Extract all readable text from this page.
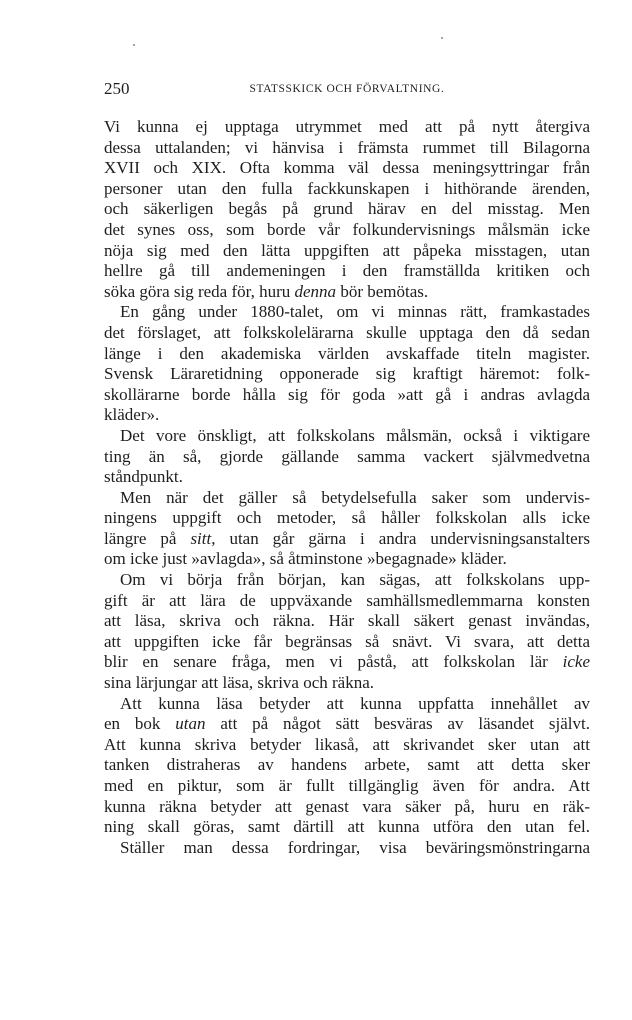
250	STATSSKICK OCH FÖRVALTNING.
Vi kunna ej upptaga utrymmet med att på nytt återgiva
dessa uttalanden; vi hänvisa i främsta rummet till Bilagorna
XVII och XIX. Ofta komma väl dessa meningsyttringar från
personer utan den fulla fackkunskapen i hithörande ärenden,
och säkerligen begås på grund härav en del misstag. Men
det synes oss, som borde vår folkundervisnings målsmän icke
nöja sig med den lätta uppgiften att påpeka misstagen, utan
hellre gå till andemeningen i den framställda kritiken och
söka göra sig reda för, huru denna bör bemötas.
En gång under 1880-talet, om vi minnas rätt, framkastades
det förslaget, att folkskolelärarna skulle upptaga den då sedan
länge i den akademiska världen avskaffade titeln magister.
Svensk Läraretidning opponerade sig kraftigt häremot: folk-
skollärarne borde hålla sig för goda »att gå i andras avlagda
kläder».
Det vore önskligt, att folkskolans målsmän, också i viktigare
ting än så, gjorde gällande samma vackert självmedvetna
ståndpunkt.
Men när det gäller så betydelsefulla saker som undervis-
ningens uppgift och metoder, så håller folkskolan alls icke
längre på sitt, utan går gärna i andra undervisningsanstalters
om icke just »avlagda», så åtminstone »begagnade» kläder.
Om vi börja från början, kan sägas, att folkskolans upp-
gift är att lära de uppväxande samhällsmedlemmarna konsten
att läsa, skriva och räkna. Här skall säkert genast invändas,
att uppgiften icke får begränsas så snävt. Vi svara, att detta
blir en senare fråga, men vi påstå, att folkskolan lär icke
sina lärjungar att läsa, skriva och räkna.
Att kunna läsa betyder att kunna uppfatta innehållet av
en bok utan att på något sätt besväras av läsandet självt.
Att kunna skriva betyder likaså, att skrivandet sker utan att
tanken distraheras av handens arbete, samt att detta sker
med en piktur, som är fullt tillgänglig även för andra. Att
kunna räkna betyder att genast vara säker på, huru en räk-
ning skall göras, samt därtill att kunna utföra den utan fel.
Ställer man dessa fordringar, visa beväringsmönstringarna
